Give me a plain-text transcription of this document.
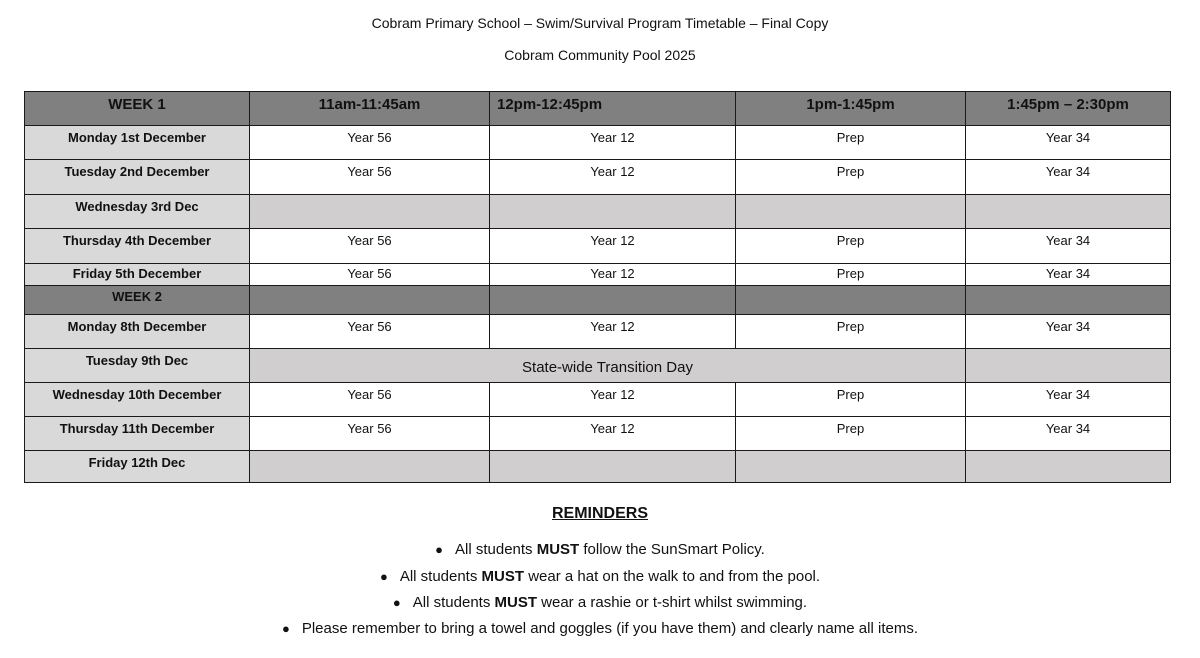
Cobram Primary School – Swim/Survival Program Timetable – Final Copy
Cobram Community Pool 2025
WEEK 1	11am-11:45am	12pm-12:45pm	1pm-1:45pm	1:45pm – 2:30pm
Monday 1st December	Year 56	Year 12	Prep	Year 34
Tuesday 2nd December	Year 56	Year 12	Prep	Year 34
Wednesday 3rd Dec				
Thursday 4th December	Year 56	Year 12	Prep	Year 34
Friday 5th December	Year 56	Year 12	Prep	Year 34
WEEK 2				
Monday 8th December	Year 56	Year 12	Prep	Year 34
Tuesday 9th Dec	State-wide Transition Day			
Wednesday 10th December	Year 56	Year 12	Prep	Year 34
Thursday 11th December	Year 56	Year 12	Prep	Year 34
Friday 12th Dec				
REMINDERS
● All students MUST follow the SunSmart Policy.
● All students MUST wear a hat on the walk to and from the pool.
● All students MUST wear a rashie or t-shirt whilst swimming.
● Please remember to bring a towel and goggles (if you have them) and clearly name all items.
